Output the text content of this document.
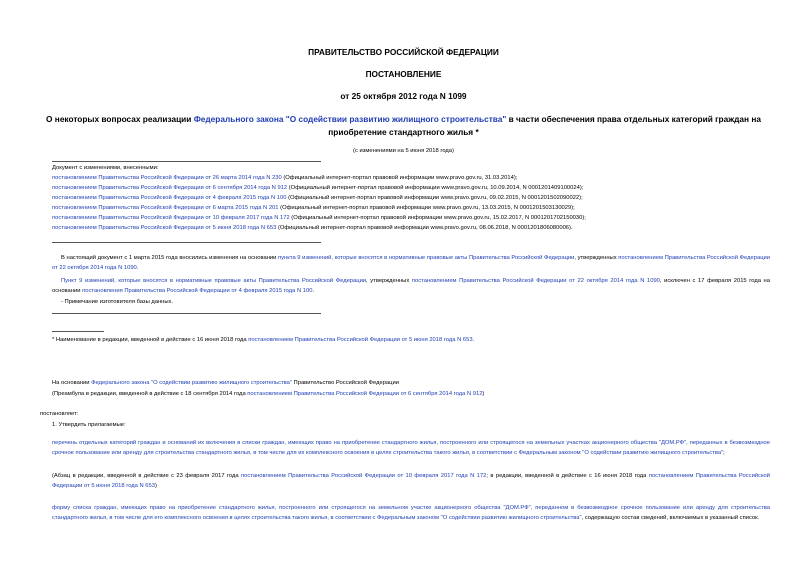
ПРАВИТЕЛЬСТВО РОССИЙСКОЙ ФЕДЕРАЦИИ
ПОСТАНОВЛЕНИЕ
от 25 октября 2012 года N 1099
О некоторых вопросах реализации Федерального закона "О содействии развитию жилищного строительства" в части обеспечения права отдельных категорий граждан на приобретение стандартного жилья *
(с изменениями на 5 июня 2018 года)
Документ с изменениями, внесенными:
постановлением Правительства Российской Федерации от 26 марта 2014 года N 230 (Официальный интернет-портал правовой информации www.pravo.gov.ru, 31.03.2014);
постановлением Правительства Российской Федерации от 6 сентября 2014 года N 912 (Официальный интернет-портал правовой информации www.pravo.gov.ru, 10.09.2014, N 0001201409100024);
постановлением Правительства Российской Федерации от 4 февраля 2015 года N 100 (Официальный интернет-портал правовой информации www.pravo.gov.ru, 09.02.2015, N 0001201502090022);
постановлением Правительства Российской Федерации от 6 марта 2015 года N 201 (Официальный интернет-портал правовой информации www.pravo.gov.ru, 13.03.2015, N 0001201503130029);
постановлением Правительства Российской Федерации от 10 февраля 2017 года N 172 (Официальный интернет-портал правовой информации www.pravo.gov.ru, 15.02.2017, N 0001201702150030);
постановлением Правительства Российской Федерации от 5 июня 2018 года N 653 (Официальный интернет-портал правовой информации www.pravo.gov.ru, 08.06.2018, N 0001201806080006).
В настоящий документ с 1 марта 2015 года вносились изменения на основании пункта 9 изменений, которые вносятся в нормативные правовые акты Правительства Российской Федерации, утвержденных постановлением Правительства Российской Федерации от 22 октября 2014 года N 1090.
Пункт 9 изменений, которые вносятся в нормативные правовые акты Правительства Российской Федерации, утвержденных постановлением Правительства Российской Федерации от 22 октября 2014 года N 1090, исключен с 17 февраля 2015 года на основании постановления Правительства Российской Федерации от 4 февраля 2015 года N 100.
- Примечание изготовителя базы данных.
* Наименование в редакции, введенной в действие с 16 июня 2018 года постановлением Правительства Российской Федерации от 5 июня 2018 года N 653.
На основании Федерального закона "О содействии развитию жилищного строительства" Правительство Российской Федерации
(Преамбула в редакции, введенной в действие с 18 сентября 2014 года постановлением Правительства Российской Федерации от 6 сентября 2014 года N 912)
постановляет:
1. Утвердить прилагаемые:
перечень отдельных категорий граждан и оснований их включения в списки граждан, имеющих право на приобретение стандартного жилья, построенного или строящегося на земельных участках акционерного общества "ДОМ.РФ", переданных в безвозмездное срочное пользование или аренду для строительства стандартного жилья, в том числе для их комплексного освоения в целях строительства такого жилья, в соответствии с Федеральным законом "О содействии развитию жилищного строительства";
(Абзац в редакции, введенной в действие с 23 февраля 2017 года постановлением Правительства Российской Федерации от 10 февраля 2017 года N 172; в редакции, введенной в действие с 16 июня 2018 года постановлением Правительства Российской Федерации от 5 июня 2018 года N 653)
форму списка граждан, имеющих право на приобретение стандартного жилья, построенного или строящегося на земельном участке акционерного общества "ДОМ.РФ", переданном в безвозмездное срочное пользование или аренду для строительства стандартного жилья, в том числе для его комплексного освоения в целях строительства такого жилья, в соответствии с Федеральным законом "О содействии развитию жилищного строительства", содержащую состав сведений, включаемых в указанный список.
